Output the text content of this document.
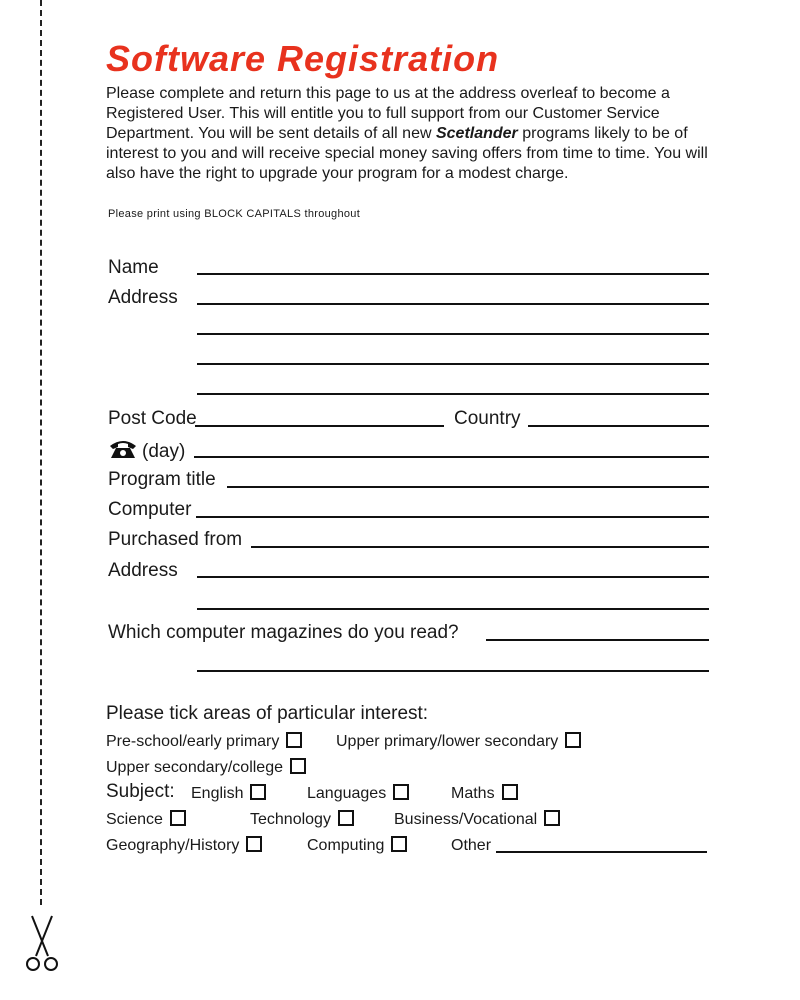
Software Registration

Please complete and return this page to us at the address overleaf to become a Registered User. This will entitle you to full support from our Customer Service Department. You will be sent details of all new Scetlander programs likely to be of interest to you and will receive special money saving offers from time to time. You will also have the right to upgrade your program for a modest charge.

Please print using BLOCK CAPITALS throughout

Name
Address
Post Code	Country
(day)
Program title
Computer
Purchased from
Address
Which computer magazines do you read?
Please tick areas of particular interest:
Pre-school/early primary	Upper primary/lower secondary
Upper secondary/college
Subject: English	Languages	Maths
Science	Technology	Business/Vocational
Geography/History	Computing	Other
